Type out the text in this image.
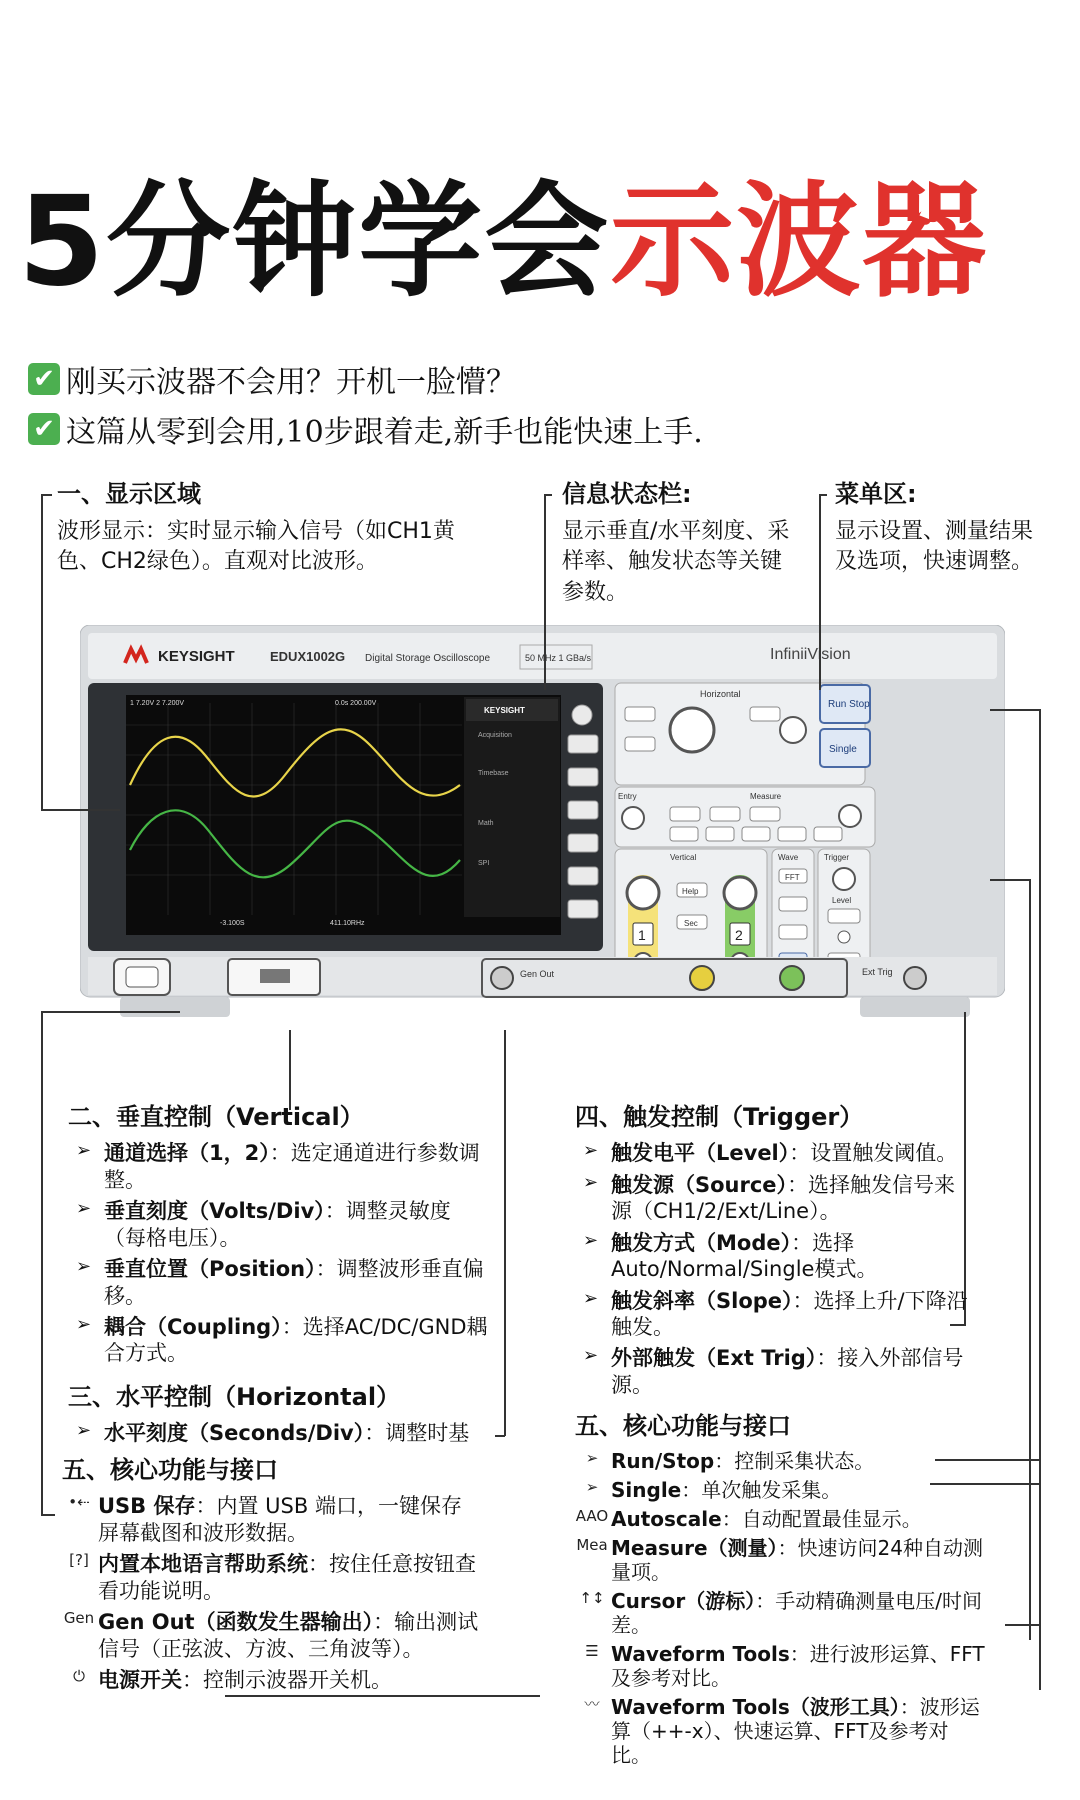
5分钟学会示波器
✔ 刚买示波器不会用？开机一脸懵？
✔ 这篇从零到会用,10步跟着走,新手也能快速上手.
一、显示区域
波形显示：实时显示输入信号（如CH1黄色、CH2绿色）。直观对比波形。
信息状态栏:
显示垂直/水平刻度、采样率、触发状态等关键参数。
菜单区:
显示设置、测量结果及选项，快速调整。
KEYSIGHT	EDUX1002G Digital Storage Oscilloscope	50 MHz 1 GBa/s	InfiniiVision
1 7.20V 2 7.200V	0.0s 200.00V
KEYSIGHT
Acquisition
Timebase
Math
SPI
-3.100S	411.10RHz
Horizontal
Run Stop
Single
Entry	Measure
Vertical
1	2
Help
Sec
Wave
FFT
Trigger
Level
Gen Out	Ext Trig
二、垂直控制（Vertical）
➢ 通道选择（1，2）：选定通道进行参数调整。
➢ 垂直刻度（Volts/Div）：调整灵敏度（每格电压）。
➢ 垂直位置（Position）：调整波形垂直偏移。
➢ 耦合（Coupling）：选择AC/DC/GND耦合方式。
三、水平控制（Horizontal）
➢ 水平刻度（Seconds/Div）：调整时基
五、核心功能与接口
•⇠ USB 保存：内置 USB 端口，一键保存屏幕截图和波形数据。
[?] 内置本地语言帮助系统：按住任意按钮查看功能说明。
Gen Gen Out（函数发生器输出）：输出测试信号（正弦波、方波、三角波等）。
⏻ 电源开关：控制示波器开关机。
四、触发控制（Trigger）
➢ 触发电平（Level）：设置触发阈值。
➢ 触发源（Source）：选择触发信号来源（CH1/2/Ext/Line）。
➢ 触发方式（Mode）：选择Auto/Normal/Single模式。
➢ 触发斜率（Slope）：选择上升/下降沿触发。
➢ 外部触发（Ext Trig）：接入外部信号源。
五、核心功能与接口
➢ Run/Stop：控制采集状态。
➢ Single：单次触发采集。
AAO Autoscale：自动配置最佳显示。
Mea Measure（测量）：快速访问24种自动测量项。
↑↕ Cursor（游标）：手动精确测量电压/时间差。
☰ Waveform Tools：进行波形运算、FFT及参考对比。
〰 Waveform Tools（波形工具）：波形运算（++-x）、快速运算、FFT及参考对比。
